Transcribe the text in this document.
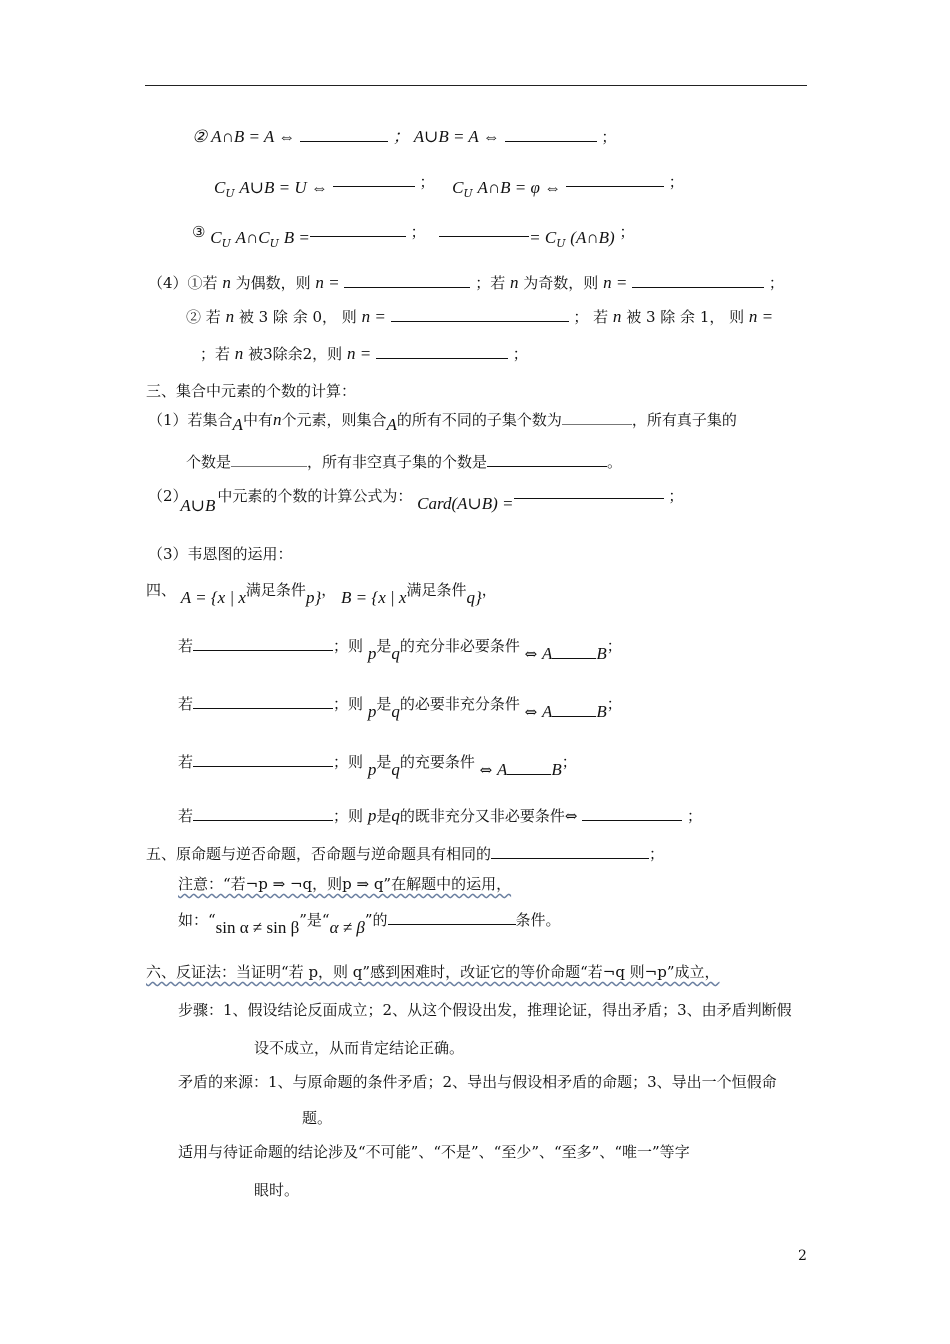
② A∩B = A ⇔	； A∪B = A ⇔	；
$C_U$ A∪B = U ⇔	； $C_U$ A∩B = φ ⇔	；
③ $C_U$ $A\cap C_U$ B =	；	= $C_U$ (A∩B) ；
（4）①若 n 为偶数，则 n =	；若 n 为奇数，则 n =	；
② 若 n 被 3 除 余 0， 则 n =	； 若 n 被 3 除 余 1， 则 n =
；若 n 被3除余2，则 n =	；
三、集合中元素的个数的计算：
（1）若集合A中有n个元素，则集合A的所有不同的子集个数为	，所有真子集的
个数是	，所有非空真子集的个数是	。
（2） A∪B 中元素的个数的计算公式为： Card(A∪B) =	；
（3）韦恩图的运用：
四、 A = {x | x满足条件p}， B = {x | x满足条件q}，
若	；则 p是q的充分非必要条件 ⇔ A	B；
若	；则 p是q的必要非充分条件 ⇔ A	B；
若	；则 p是q的充要条件 ⇔ A	B；
若	；则 p是q的既非充分又非必要条件⇔	；
五、原命题与逆否命题，否命题与逆命题具有相同的	；
注意：“若¬p ⇒ ¬q，则p ⇒ q”在解题中的运用，
如：“sin α ≠ sin β”是“α ≠ β”的	条件。
六、反证法：当证明“若 p，则 q”感到困难时，改证它的等价命题“若¬q 则¬p”成立，
步骤：1、假设结论反面成立；2、从这个假设出发，推理论证，得出矛盾；3、由矛盾判断假
设不成立，从而肯定结论正确。
矛盾的来源：1、与原命题的条件矛盾；2、导出与假设相矛盾的命题；3、导出一个恒假命
题。
适用与待证命题的结论涉及“不可能”、“不是”、“至少”、“至多”、“唯一”等字
眼时。
2
